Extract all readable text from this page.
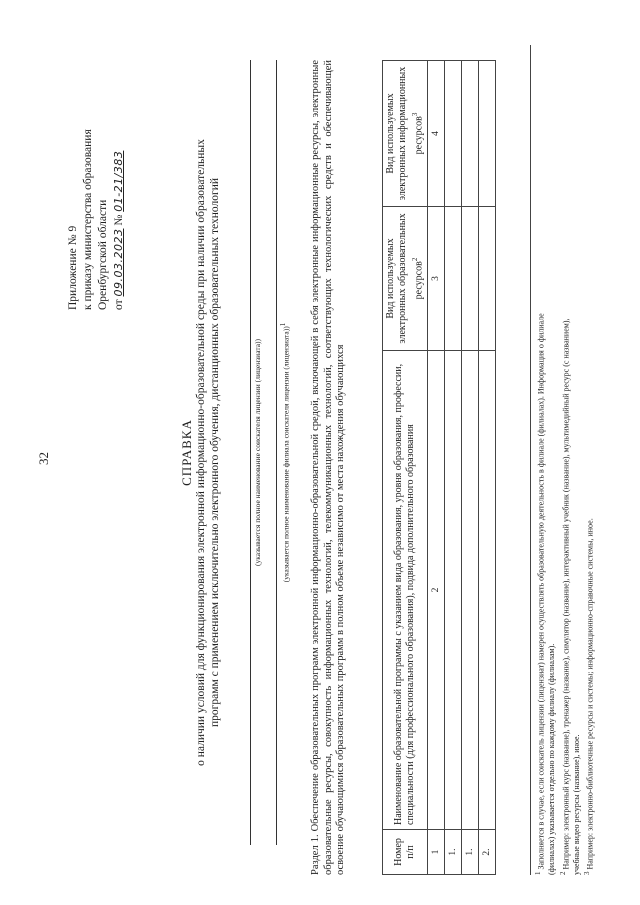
32
Приложение № 9 к приказу министерства образования Оренбургской области от 09.03.2023 № 01-21/383
СПРАВКА о наличии условий для функционирования электронной информационно-образовательной среды при наличии образовательных программ с применением исключительно электронного обучения, дистанционных образовательных технологий	(указывается полное наименование соискателя лицензии (лицензиата))	(указывается полное наименование филиала соискателя лицензии (лицензиата))$^1$	Раздел 1. Обеспечение образовательных программ электронной информационно-образовательной средой, включающей в себя электронные информационные ресурсы, электронные образовательные ресурсы, совокупность информационных технологий, телекоммуникационных технологий, соответствующих технологических средств и обеспечивающей освоение обучающимися образовательных программ в полном объеме независимо от места нахождения обучающихся	Номер п/п	Наименование образовательной программы с указанием вида образования, уровня образования, профессии, специальности (для профессионального образования), подвида дополнительного образования	Вид используемых электронных образовательных ресурсов$^2$	Вид используемых электронных информационных ресурсов$^3$
1	2	3	4
1.			
1.			
2.			
$^1$ Заполняется в случае, если соискатель лицензии (лицензиат) намерен осуществлять образовательную деятельность в филиале (филиалах). Информация о филиале (филиалах) указывается отдельно по каждому филиалу (филиалам). $^2$ Например: электронный курс (название), тренажер (название), симулятор (название), интерактивный учебник (название), мультимедийный ресурс (с названием), учебные видео ресурсы (название), иное. $^3$ Например: электронно-библиотечные ресурсы и системы; информационно-справочные системы, иное.
